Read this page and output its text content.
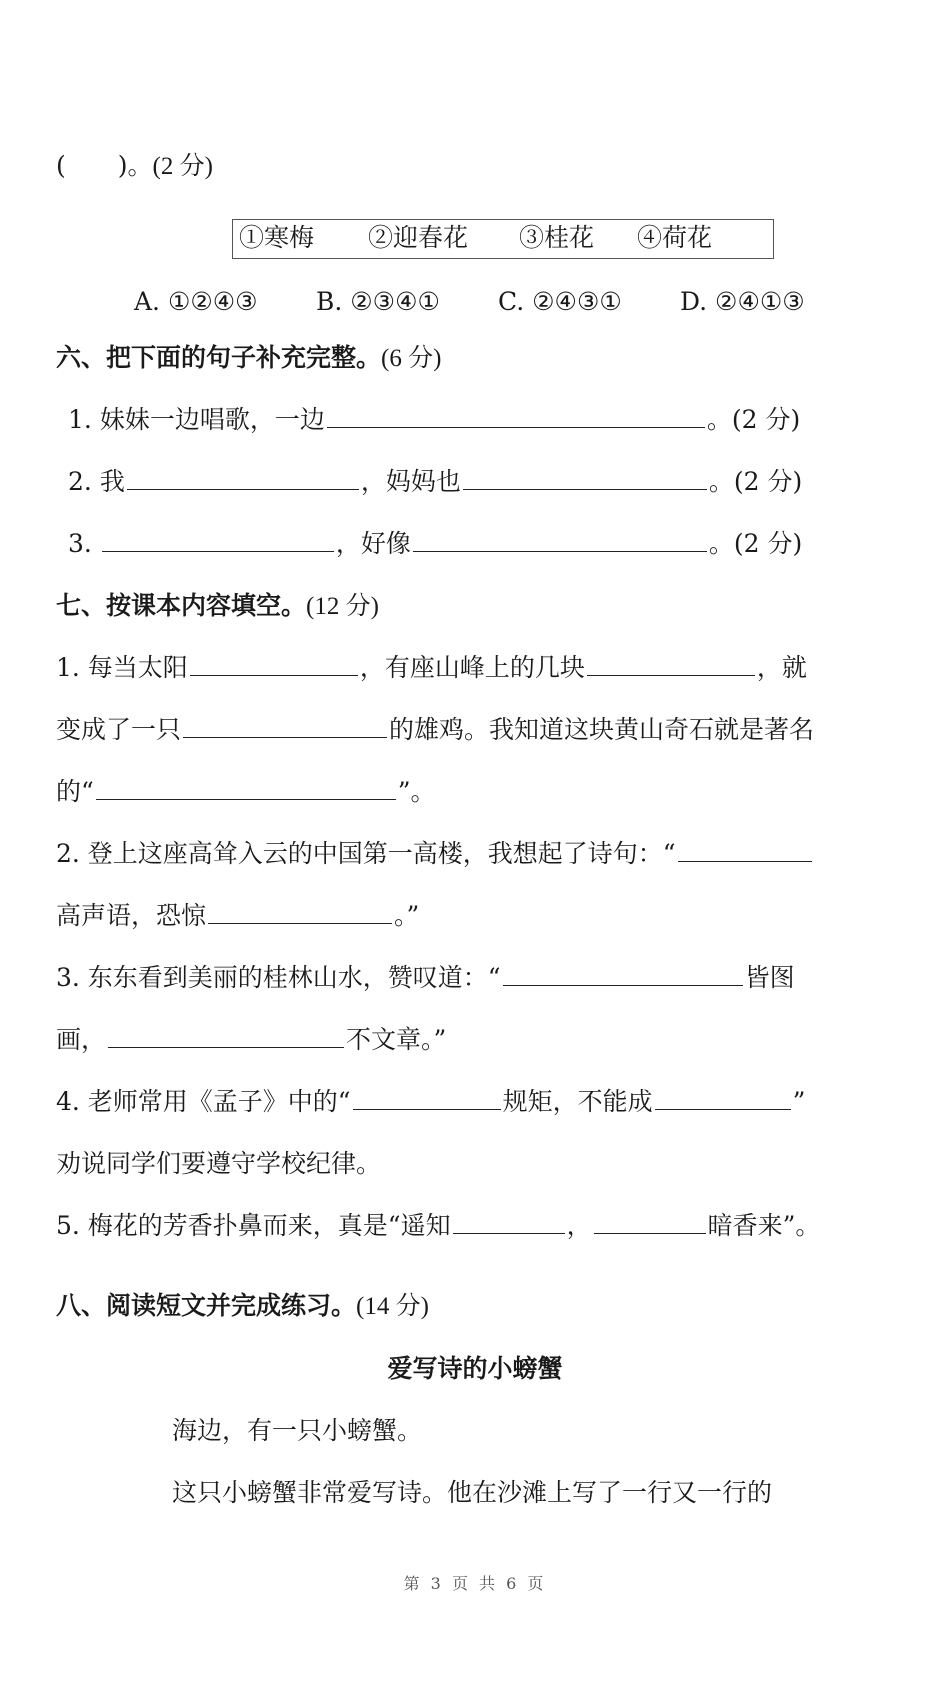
( )。(2 分)
①寒梅 ②迎春花 ③桂花 ④荷花
A. ①②④③ B. ②③④① C. ②④③① D. ②④①③
六、把下面的句子补充完整。(6 分)
1. 妹妹一边唱歌，一边	。(2 分)
2. 我	，妈妈也	。(2 分)
3.	，好像	。(2 分)
七、按课本内容填空。(12 分)
1. 每当太阳	，有座山峰上的几块	，就
变成了一只	的雄鸡。我知道这块黄山奇石就是著名
的“	”。
2. 登上这座高耸入云的中国第一高楼，我想起了诗句：“
高声语，恐惊	。”
3. 东东看到美丽的桂林山水，赞叹道：“	皆图
画，	不文章。”
4. 老师常用《孟子》中的“	规矩，不能成	”
劝说同学们要遵守学校纪律。
5. 梅花的芳香扑鼻而来，真是“遥知	，	暗香来”。
八、阅读短文并完成练习。(14 分)
爱写诗的小螃蟹
海边，有一只小螃蟹。
这只小螃蟹非常爱写诗。他在沙滩上写了一行又一行的
第 3 页 共 6 页
